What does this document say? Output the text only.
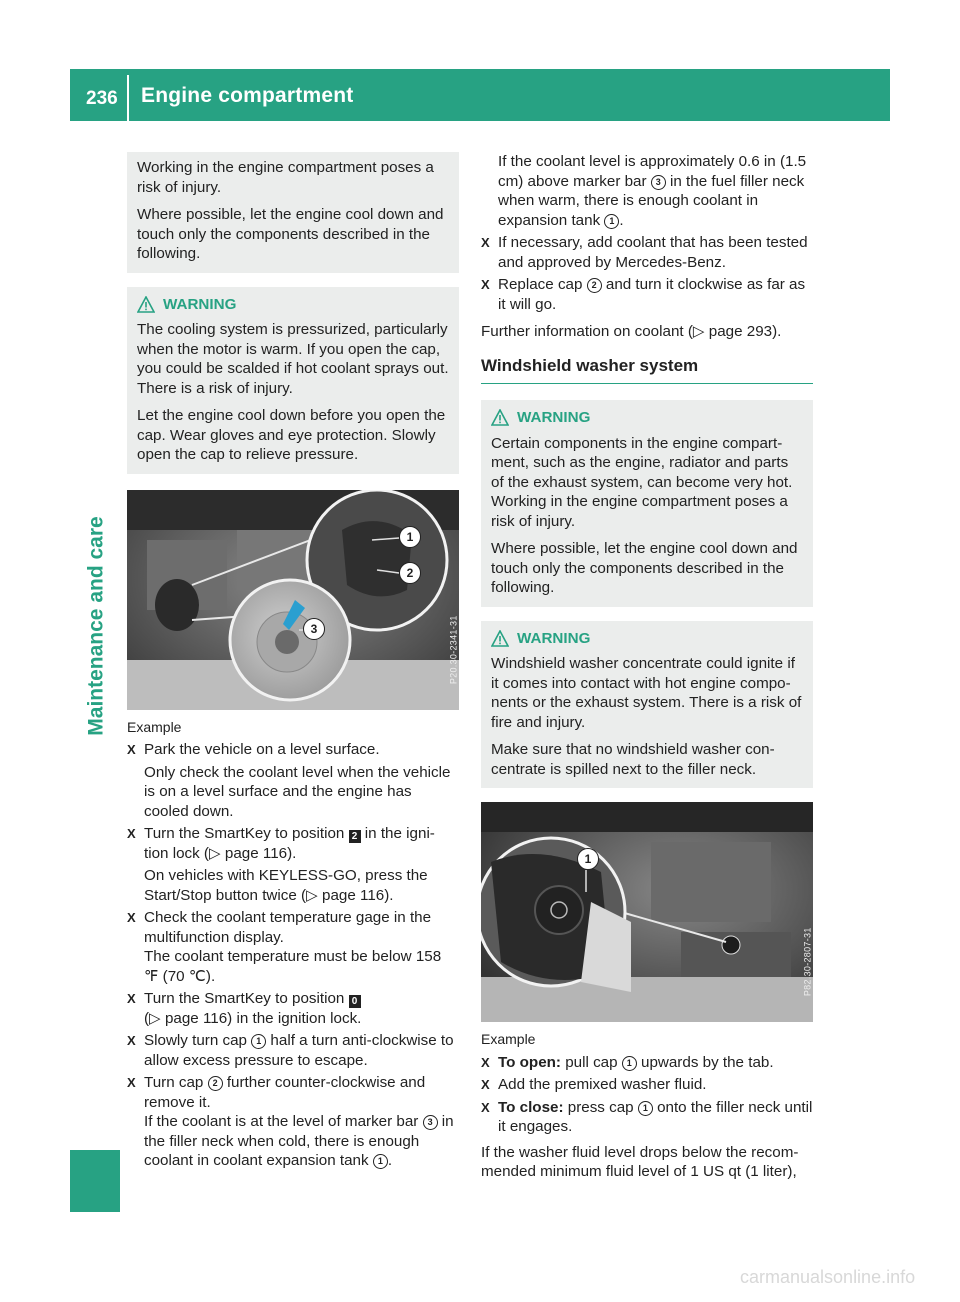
236 Engine compartment
Maintenance and care

Working in the engine compartment poses a risk of injury.

Where possible, let the engine cool down and touch only the components described in the following.

WARNING

The cooling system is pressurized, particularly when the motor is warm. If you open the cap, you could be scalded if hot coolant sprays out. There is a risk of injury.

Let the engine cool down before you open the cap. Wear gloves and eye protection. Slowly open the cap to relieve pressure.

1
2
3	P20.30-2341-31

Example

X Park the vehicle on a level surface.

Only check the coolant level when the vehicle is on a level surface and the engine has cooled down.

X Turn the SmartKey to position 2 in the igni- tion lock (▷ page 116).

On vehicles with KEYLESS-GO, press the Start/Stop button twice (▷ page 116).

X Check the coolant temperature gage in the multifunction display.

The coolant temperature must be below 158 ℉ (70 ℃).

X Turn the SmartKey to position 0
(▷ page 116) in the ignition lock.

X Slowly turn cap 1 half a turn anti-clockwise to allow excess pressure to escape.

X Turn cap 2 further counter-clockwise and remove it.

If the coolant is at the level of marker bar 3 in the filler neck when cold, there is enough coolant in coolant expansion tank 1 .

If the coolant level is approximately 0.6 in (1.5 cm) above marker bar 3 in the fuel filler neck when warm, there is enough coolant in expansion tank 1 .

X If necessary, add coolant that has been tested and approved by Mercedes-Benz.

X Replace cap 2 and turn it clockwise as far as it will go.

Further information on coolant (▷ page 293).

Windshield washer system

WARNING

Certain components in the engine compart- ment, such as the engine, radiator and parts of the exhaust system, can become very hot. Working in the engine compartment poses a risk of injury.

Where possible, let the engine cool down and touch only the components described in the following.

WARNING

Windshield washer concentrate could ignite if it comes into contact with hot engine compo- nents or the exhaust system. There is a risk of fire and injury.

Make sure that no windshield washer con- centrate is spilled next to the filler neck.

1
P82.30-2807-31

Example

X To open: pull cap 1 upwards by the tab.

X Add the premixed washer fluid.

X To close: press cap 1 onto the filler neck until it engages.

If the washer fluid level drops below the recom- mended minimum fluid level of 1 US qt (1 liter),

carmanualsonline.info
